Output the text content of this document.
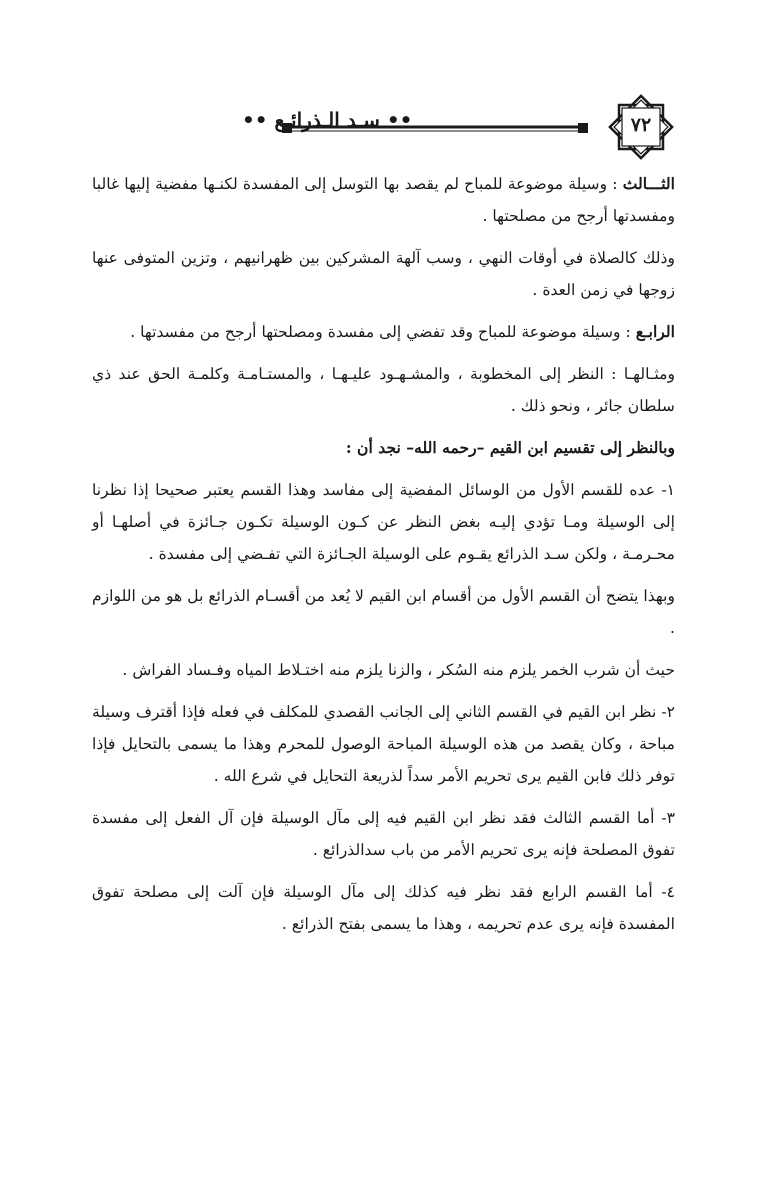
•• سـد الـذرائـع ••	٧٢

الثـــالث : وسيلة موضوعة للمباح لم يقصد بها التوسل إلى المفسدة لكنـها مفضية إليها غالبا ومفسدتها أرجح من مصلحتها .

وذلك كالصلاة في أوقات النهي ، وسب آلهة المشركين بين ظهرانيهم ، وتزين المتوفى عنها زوجها في زمن العدة .

الرابـع : وسيلة موضوعة للمباح وقد تفضي إلى مفسدة ومصلحتها أرجح من مفسدتها .

ومثـالهـا : النظر إلى المخطوبة ، والمشـهـود عليـهـا ، والمستـامـة وكلمـة الحق عند ذي سلطان جائر ، ونحو ذلك .

وبالنظر إلى تقسيم ابن القيم –رحمه الله– نجد أن :

١- عده للقسم الأول من الوسائل المفضية إلى مفاسد وهذا القسم يعتبر صحيحا إذا نظرنا إلى الوسيلة ومـا تؤدي إليـه بغض النظر عن كـون الوسيلة تكـون جـائزة في أصلهـا أو محـرمـة ، ولكن سـد الذرائع يقـوم على الوسيلة الجـائزة التي تفـضي إلى مفسدة .

وبهذا يتضح أن القسم الأول من أقسام ابن القيم لا يُعد من أقسـام الذرائع بل هو من اللوازم .

حيث أن شرب الخمر يلزم منه السُكر ، والزنا يلزم منه اختـلاط المياه وفـساد الفراش .

٢- نظر ابن القيم في القسم الثاني إلى الجانب القصدي للمكلف في فعله فإذا أقترف وسيلة مباحة ، وكان يقصد من هذه الوسيلة المباحة الوصول للمحرم وهذا ما يسمى بالتحايل فإذا توفر ذلك فابن القيم يرى تحريم الأمر سداً لذريعة التحايل في شرع الله .

٣- أما القسم الثالث فقد نظر ابن القيم فيه إلى مآل الوسيلة فإن آل الفعل إلى مفسدة تفوق المصلحة فإنه يرى تحريم الأمر من باب سدالذرائع .

٤- أما القسم الرابع فقد نظر فيه كذلك إلى مآل الوسيلة فإن آلت إلى مصلحة تفوق المفسدة فإنه يرى عدم تحريمه ، وهذا ما يسمى بفتح الذرائع .
